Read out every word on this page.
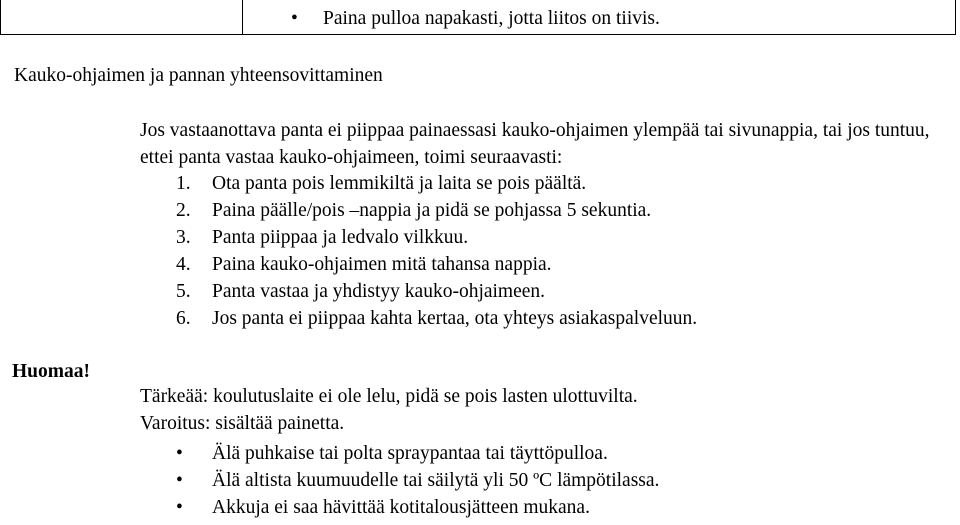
• Paina pulloa napakasti, jotta liitos on tiivis.
Kauko-ohjaimen ja pannan yhteensovittaminen
Jos vastaanottava panta ei piippaa painaessasi kauko-ohjaimen ylempää tai sivunappia, tai jos tuntuu, ettei panta vastaa kauko-ohjaimeen, toimi seuraavasti:
1. Ota panta pois lemmikiltä ja laita se pois päältä.
2. Paina päälle/pois –nappia ja pidä se pohjassa 5 sekuntia.
3. Panta piippaa ja ledvalo vilkkuu.
4. Paina kauko-ohjaimen mitä tahansa nappia.
5. Panta vastaa ja yhdistyy kauko-ohjaimeen.
6. Jos panta ei piippaa kahta kertaa, ota yhteys asiakaspalveluun.
Huomaa!
Tärkeää: koulutuslaite ei ole lelu, pidä se pois lasten ulottuvilta.
Varoitus: sisältää painetta.
• Älä puhkaise tai polta spraypantaa tai täyttöpulloa.
• Älä altista kuumuudelle tai säilytä yli 50 ºC lämpötilassa.
• Akkuja ei saa hävittää kotitalousjätteen mukana.
